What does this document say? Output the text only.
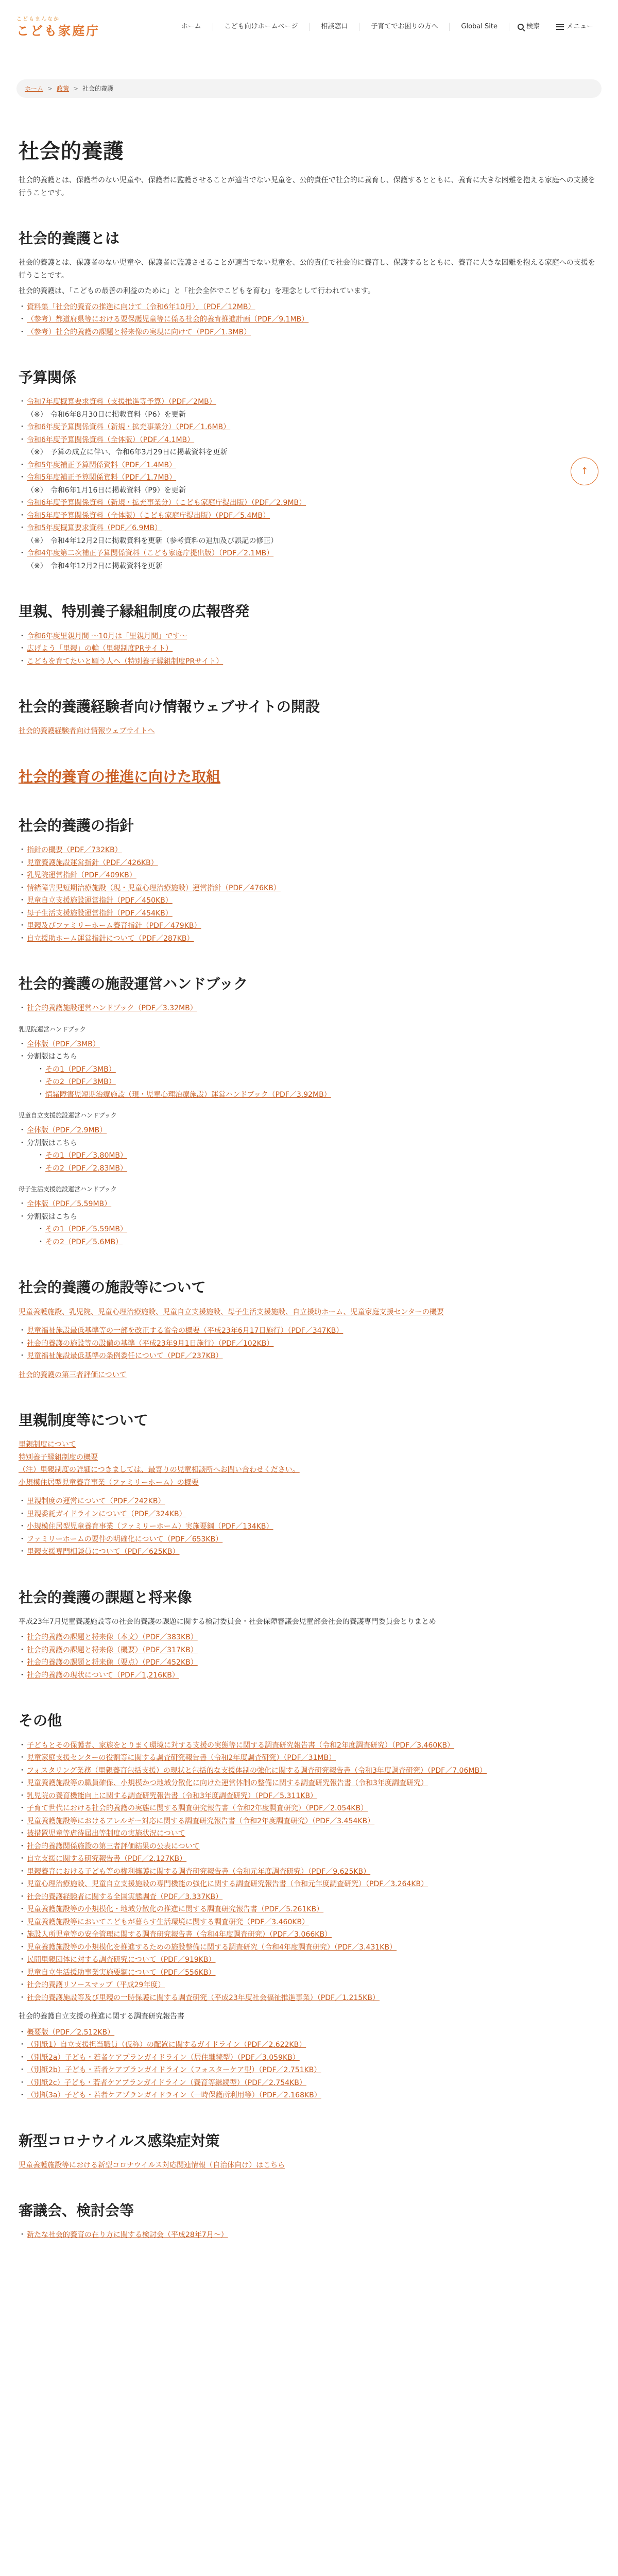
こどもまんなか
こども家庭庁	ホーム	こども向けホームページ	相談窓口	子育てでお困りの方へ	Global Site	検索	メニュー
ホーム > 政策 > 社会的養護
↑
社会的養護

社会的養護とは、保護者のない児童や、保護者に監護させることが適当でない児童を、公的責任で社会的に養育し、保護するとともに、養育に大きな困難を抱える家庭への支援を行うことです。

社会的養護とは

社会的養護とは、保護者のない児童や、保護者に監護させることが適当でない児童を、公的責任で社会的に養育し、保護するとともに、養育に大きな困難を抱える家庭への支援を行うことです。

社会的養護は、「こどもの最善の利益のために」と「社会全体でこどもを育む」を理念として行われています。

・ 資料集「社会的養育の推進に向けて（令和6年10月）」（PDF／12MB）
・ （参考）都道府県等における要保護児童等に係る社会的養育推進計画（PDF／9.1MB）
・ （参考）社会的養護の課題と将来像の実現に向けて（PDF／1.3MB）
予算関係
・ 令和7年度概算要求資料（支援推進等予算）（PDF／2MB）
（※） 令和6年8月30日に掲載資料（P6）を更新
・ 令和6年度予算関係資料（新規・拡充事業分）（PDF／1.6MB）
・ 令和6年度予算関係資料（全体版）（PDF／4.1MB）
（※） 予算の成立に伴い、令和6年3月29日に掲載資料を更新
・ 令和5年度補正予算関係資料（PDF／1.4MB）
・ 令和5年度補正予算関係資料（PDF／1.7MB）
（※） 令和6年1月16日に掲載資料（P9）を更新
・ 令和6年度予算関係資料（新規・拡充事業分）（こども家庭庁提出版）（PDF／2.9MB）
・ 令和5年度予算関係資料（全体版）（こども家庭庁提出版）（PDF／5.4MB）
・ 令和5年度概算要求資料（PDF／6.9MB）
（※） 令和4年12月2日に掲載資料を更新（参考資料の追加及び誤記の修正）
・ 令和4年度第二次補正予算関係資料（こども家庭庁提出版）（PDF／2.1MB）
（※） 令和4年12月2日に掲載資料を更新
里親、特別養子縁組制度の広報啓発
・ 令和6年度里親月間 ～10月は「里親月間」です～
・ 広げよう「里親」の輪（里親制度PRサイト）
・ こどもを育てたいと願う人へ（特別養子縁組制度PRサイト）
社会的養護経験者向け情報ウェブサイトの開設

社会的養護経験者向け情報ウェブサイトへ

社会的養育の推進に向けた取組
社会的養護の指針
・ 指針の概要（PDF／732KB）
・ 児童養護施設運営指針（PDF／426KB）
・ 乳児院運営指針（PDF／409KB）
・ 情緒障害児短期治療施設（現・児童心理治療施設）運営指針（PDF／476KB）
・ 児童自立支援施設運営指針（PDF／450KB）
・ 母子生活支援施設運営指針（PDF／454KB）
・ 里親及びファミリーホーム養育指針（PDF／479KB）
・ 自立援助ホーム運営指針について（PDF／287KB）
社会的養護の施設運営ハンドブック
・ 社会的養護施設運営ハンドブック（PDF／3.32MB）

乳児院運営ハンドブック

・ 全体版（PDF／3MB）
・ 分割版はこちら
・ その1（PDF／3MB）
・ その2（PDF／3MB）
・ 情緒障害児短期治療施設（現・児童心理治療施設）運営ハンドブック（PDF／3.92MB）

児童自立支援施設運営ハンドブック

・ 全体版（PDF／2.9MB）
・ 分割版はこちら
・ その1（PDF／3.80MB）
・ その2（PDF／2.83MB）

母子生活支援施設運営ハンドブック

・ 全体版（PDF／5.59MB）
・ 分割版はこちら
・ その1（PDF／5.59MB）
・ その2（PDF／5.6MB）
社会的養護の施設等について

児童養護施設、乳児院、児童心理治療施設、児童自立支援施設、母子生活支援施設、自立援助ホーム、児童家庭支援センターの概要

・ 児童福祉施設最低基準等の一部を改正する省令の概要（平成23年6月17日施行）（PDF／347KB）
・ 社会的養護の施設等の設備の基準（平成23年9月1日施行）（PDF／102KB）
・ 児童福祉施設最低基準の条例委任について（PDF／237KB）

社会的養護の第三者評価について

里親制度等について

里親制度について

特別養子縁組制度の概要

（注）里親制度の詳細につきましては、最寄りの児童相談所へお問い合わせください。

小規模住居型児童養育事業（ファミリーホーム）の概要

・ 里親制度の運営について（PDF／242KB）
・ 里親委託ガイドラインについて（PDF／324KB）
・ 小規模住居型児童養育事業（ファミリーホーム）実施要綱（PDF／134KB）
・ ファミリーホームの要件の明確化について（PDF／653KB）
・ 里親支援専門相談員について（PDF／625KB）
社会的養護の課題と将来像

平成23年7月児童養護施設等の社会的養護の課題に関する検討委員会・社会保障審議会児童部会社会的養護専門委員会とりまとめ

・ 社会的養護の課題と将来像（本文）（PDF／383KB）
・ 社会的養護の課題と将来像（概要）（PDF／317KB）
・ 社会的養護の課題と将来像（要点）（PDF／452KB）
・ 社会的養護の現状について（PDF／1,216KB）
その他
・ 子どもとその保護者、家族をとりまく環境に対する支援の実態等に関する調査研究報告書（令和2年度調査研究）（PDF／3.460KB）
・ 児童家庭支援センターの役割等に関する調査研究報告書（令和2年度調査研究）（PDF／31MB）
・ フォスタリング業務（里親養育包括支援）の現状と包括的な支援体制の強化に関する調査研究報告書（令和3年度調査研究）（PDF／7.06MB）
・ 児童養護施設等の職員確保、小規模かつ地域分散化に向けた運営体制の整備に関する調査研究報告書（令和3年度調査研究）
・ 乳児院の養育機能向上に関する調査研究報告書（令和3年度調査研究）（PDF／5.311KB）
・ 子育て世代における社会的養護の実態に関する調査研究報告書（令和2年度調査研究）（PDF／2.054KB）
・ 児童養護施設等におけるアレルギー対応に関する調査研究報告書（令和2年度調査研究）（PDF／3.454KB）
・ 被措置児童等虐待届出等制度の実施状況について
・ 社会的養護関係施設の第三者評価結果の公表について
・ 自立支援に関する研究報告書（PDF／2.127KB）
・ 里親養育における子ども等の権利擁護に関する調査研究報告書（令和元年度調査研究）（PDF／9.625KB）
・ 児童心理治療施設、児童自立支援施設の専門機能の強化に関する調査研究報告書（令和元年度調査研究）（PDF／3.264KB）
・ 社会的養護経験者に関する全国実態調査（PDF／3.337KB）
・ 児童養護施設等の小規模化・地域分散化の推進に関する調査研究報告書（PDF／5.261KB）
・ 児童養護施設等においてこどもが暮らす生活環境に関する調査研究（PDF／3.460KB）
・ 施設入所児童等の安全管理に関する調査研究報告書（令和4年度調査研究）（PDF／3.066KB）
・ 児童養護施設等の小規模化を推進するための施設整備に関する調査研究（令和4年度調査研究）（PDF／3.431KB）
・ 民間里親団体に対する調査研究について（PDF／919KB）
・ 児童自立生活援助事業実施要綱について（PDF／556KB）
・ 社会的養護リソースマップ（平成29年度）
・ 社会的養護施設等及び里親の一時保護に関する調査研究（平成23年度社会福祉推進事業）（PDF／1.215KB）

社会的養護自立支援の推進に関する調査研究報告書

・ 概要版（PDF／2.512KB）
・ （別紙1）自立支援担当職員（仮称）の配置に関するガイドライン（PDF／2.622KB）
・ （別紙2a）子ども・若者ケアプランガイドライン（居住継続型）（PDF／3.059KB）
・ （別紙2b）子ども・若者ケアプランガイドライン（フォスターケア型）（PDF／2.751KB）
・ （別紙2c）子ども・若者ケアプランガイドライン（養育等継続型）（PDF／2.754KB）
・ （別紙3a）子ども・若者ケアプランガイドライン（一時保護所利用等）（PDF／2.168KB）
新型コロナウイルス感染症対策

児童養護施設等における新型コロナウイルス対応関連情報（自治体向け）はこちら

審議会、検討会等
・ 新たな社会的養育の在り方に関する検討会（平成28年7月～）
